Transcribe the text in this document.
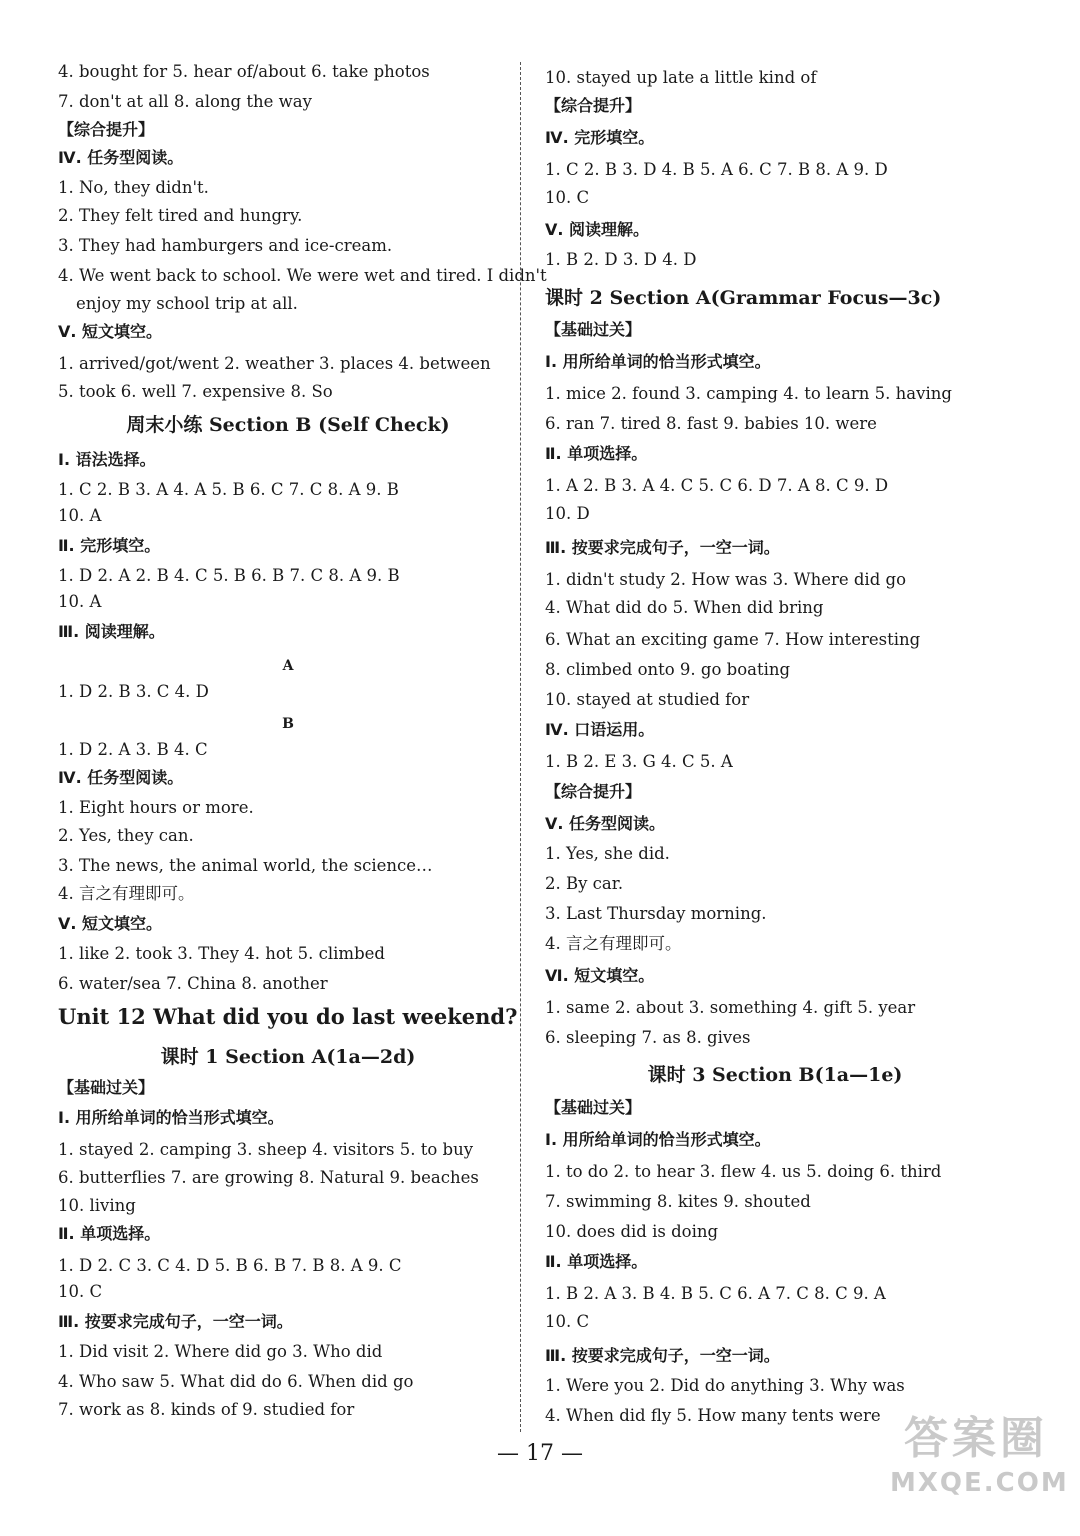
4. bought for 5. hear of/about 6. take photos
7. don't at all 8. along the way
【综合提升】
Ⅳ. 任务型阅读。
1. No, they didn't.
2. They felt tired and hungry.
3. They had hamburgers and ice-cream.
4. We went back to school. We were wet and tired. I didn't
enjoy my school trip at all.
Ⅴ. 短文填空。
1. arrived/got/went 2. weather 3. places 4. between
5. took 6. well 7. expensive 8. So
周末小练 Section B (Self Check)
Ⅰ. 语法选择。
1. C 2. B 3. A 4. A 5. B 6. C 7. C 8. A 9. B
10. A
Ⅱ. 完形填空。
1. D 2. A 2. B 4. C 5. B 6. B 7. C 8. A 9. B
10. A
Ⅲ. 阅读理解。
A
1. D 2. B 3. C 4. D
B
1. D 2. A 3. B 4. C
Ⅳ. 任务型阅读。
1. Eight hours or more.
2. Yes, they can.
3. The news, the animal world, the science…
4. 言之有理即可。
Ⅴ. 短文填空。
1. like 2. took 3. They 4. hot 5. climbed
6. water/sea 7. China 8. another
Unit 12 What did you do last weekend?
课时 1 Section A(1a—2d)
【基础过关】
Ⅰ. 用所给单词的恰当形式填空。
1. stayed 2. camping 3. sheep 4. visitors 5. to buy
6. butterflies 7. are growing 8. Natural 9. beaches
10. living
Ⅱ. 单项选择。
1. D 2. C 3. C 4. D 5. B 6. B 7. B 8. A 9. C
10. C
Ⅲ. 按要求完成句子，一空一词。
1. Did visit 2. Where did go 3. Who did
4. Who saw 5. What did do 6. When did go
7. work as 8. kinds of 9. studied for
10. stayed up late a little kind of
【综合提升】
Ⅳ. 完形填空。
1. C 2. B 3. D 4. B 5. A 6. C 7. B 8. A 9. D
10. C
Ⅴ. 阅读理解。
1. B 2. D 3. D 4. D
课时 2 Section A(Grammar Focus—3c)
【基础过关】
Ⅰ. 用所给单词的恰当形式填空。
1. mice 2. found 3. camping 4. to learn 5. having
6. ran 7. tired 8. fast 9. babies 10. were
Ⅱ. 单项选择。
1. A 2. B 3. A 4. C 5. C 6. D 7. A 8. C 9. D
10. D
Ⅲ. 按要求完成句子，一空一词。
1. didn't study 2. How was 3. Where did go
4. What did do 5. When did bring
6. What an exciting game 7. How interesting
8. climbed onto 9. go boating
10. stayed at studied for
Ⅳ. 口语运用。
1. B 2. E 3. G 4. C 5. A
【综合提升】
Ⅴ. 任务型阅读。
1. Yes, she did.
2. By car.
3. Last Thursday morning.
4. 言之有理即可。
Ⅵ. 短文填空。
1. same 2. about 3. something 4. gift 5. year
6. sleeping 7. as 8. gives
课时 3 Section B(1a—1e)
【基础过关】
Ⅰ. 用所给单词的恰当形式填空。
1. to do 2. to hear 3. flew 4. us 5. doing 6. third
7. swimming 8. kites 9. shouted
10. does did is doing
Ⅱ. 单项选择。
1. B 2. A 3. B 4. B 5. C 6. A 7. C 8. C 9. A
10. C
Ⅲ. 按要求完成句子，一空一词。
1. Were you 2. Did do anything 3. Why was
4. When did fly 5. How many tents were
— 17 —	答案圈
MXQE.COM
